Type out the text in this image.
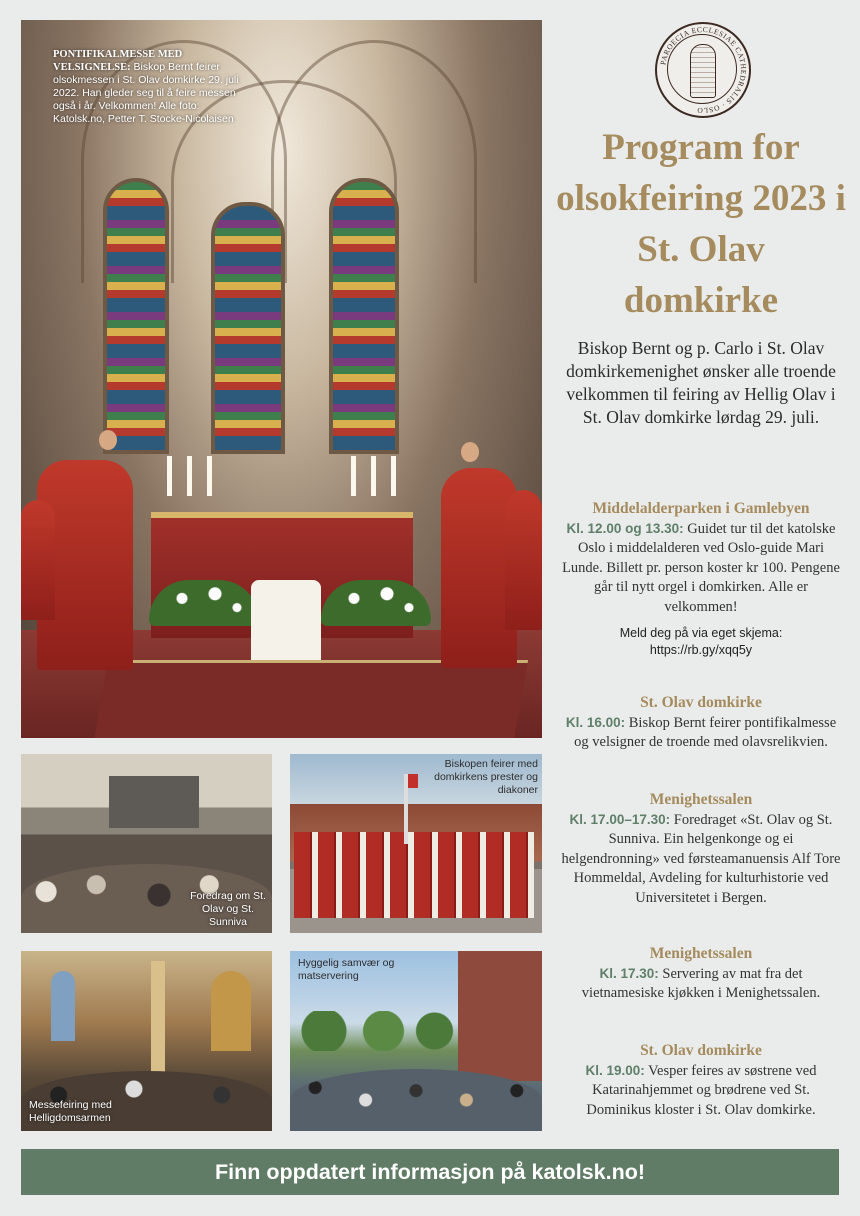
PONTIFIKALMESSE MED VELSIGNELSE: Biskop Bernt feirer olsokmessen i St. Olav domkirke 29. juli 2022. Han gleder seg til å feire messen også i år. Velkommen! Alle foto: Katolsk.no, Petter T. Stocke-Nicolaisen
Foredrag om St. Olav og St. Sunniva
Biskopen feirer med domkirkens prester og diakoner
Messefeiring med Helligdomsarmen
Hyggelig samvær og matservering
PAROECIA ECCLESIAE CATHEDRALIS · OSLO
Program for olsokfeiring 2023 i St. Olav domkirke
Biskop Bernt og p. Carlo i St. Olav domkirkemenighet ønsker alle troende velkommen til feiring av Hellig Olav i St. Olav domkirke lørdag 29. juli.
Middelalderparken i Gamlebyen
Kl. 12.00 og 13.30: Guidet tur til det katolske Oslo i middelalderen ved Oslo-guide Mari Lunde. Billett pr. person koster kr 100. Pengene går til nytt orgel i domkirken. Alle er velkommen!
Meld deg på via eget skjema:
https://rb.gy/xqq5y
St. Olav domkirke
Kl. 16.00: Biskop Bernt feirer pontifikalmesse og velsigner de troende med olavsrelikvien.
Menighetssalen
Kl. 17.00–17.30: Foredraget «St. Olav og St. Sunniva. Ein helgenkonge og ei helgendronning» ved førsteamanuensis Alf Tore Hommeldal, Avdeling for kulturhistorie ved Universitetet i Bergen.
Menighetssalen
Kl. 17.30: Servering av mat fra det vietnamesiske kjøkken i Menighetssalen.
St. Olav domkirke
Kl. 19.00: Vesper feires av søstrene ved Katarinahjemmet og brødrene ved St. Dominikus kloster i St. Olav domkirke.
Finn oppdatert informasjon på katolsk.no!
